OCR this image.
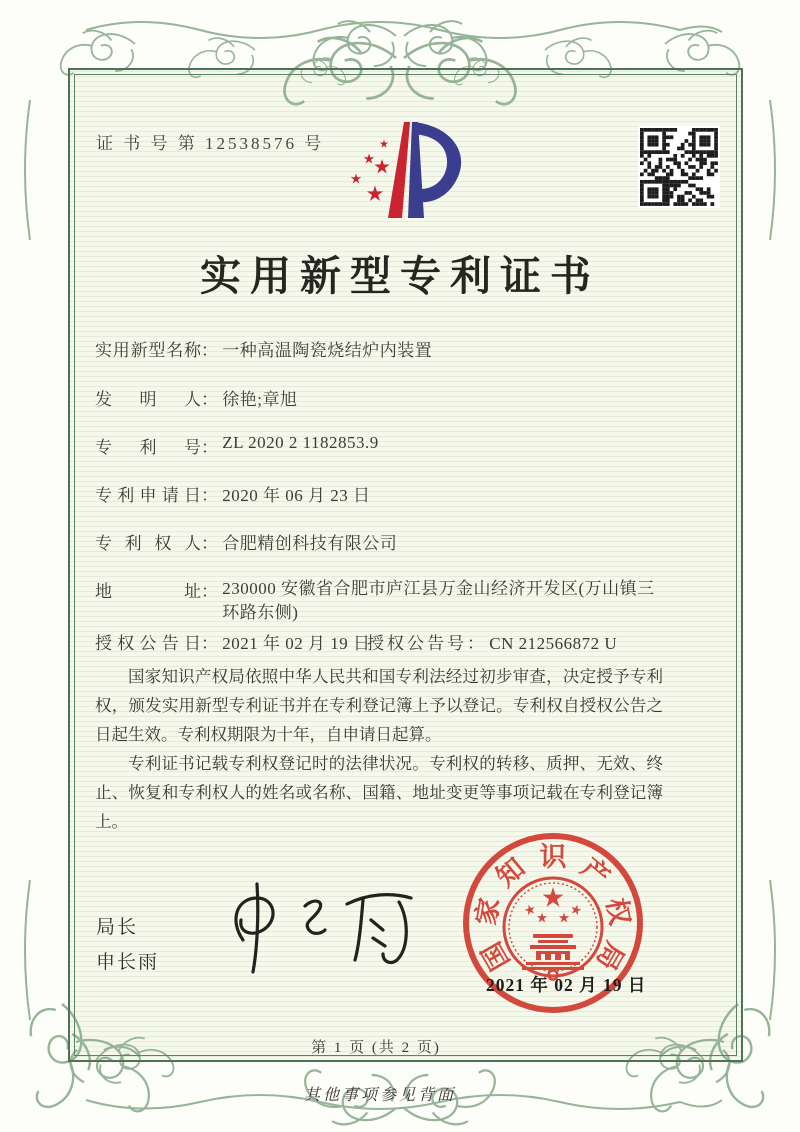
证 书 号 第 12538576 号
实用新型专利证书
实用新型名称： 一种高温陶瓷烧结炉内装置
发明人： 徐艳;章旭
专利号： ZL 2020 2 1182853.9
专利申请日： 2020 年 06 月 23 日
专利权人： 合肥精创科技有限公司
地址： 230000 安徽省合肥市庐江县万金山经济开发区(万山镇三环路东侧)
授权公告日： 2021 年 02 月 19 日
授权公告号： CN 212566872 U

国家知识产权局依照中华人民共和国专利法经过初步审查，决定授予专利权，颁发实用新型专利证书并在专利登记簿上予以登记。专利权自授权公告之日起生效。专利权期限为十年，自申请日起算。

专利证书记载专利权登记时的法律状况。专利权的转移、质押、无效、终止、恢复和专利权人的姓名或名称、国籍、地址变更等事项记载在专利登记簿上。

局长
申长雨	国
家
知 识 产
权
局
2021 年 02 月 19 日
第 1 页 (共 2 页)
其他事项参见背面
